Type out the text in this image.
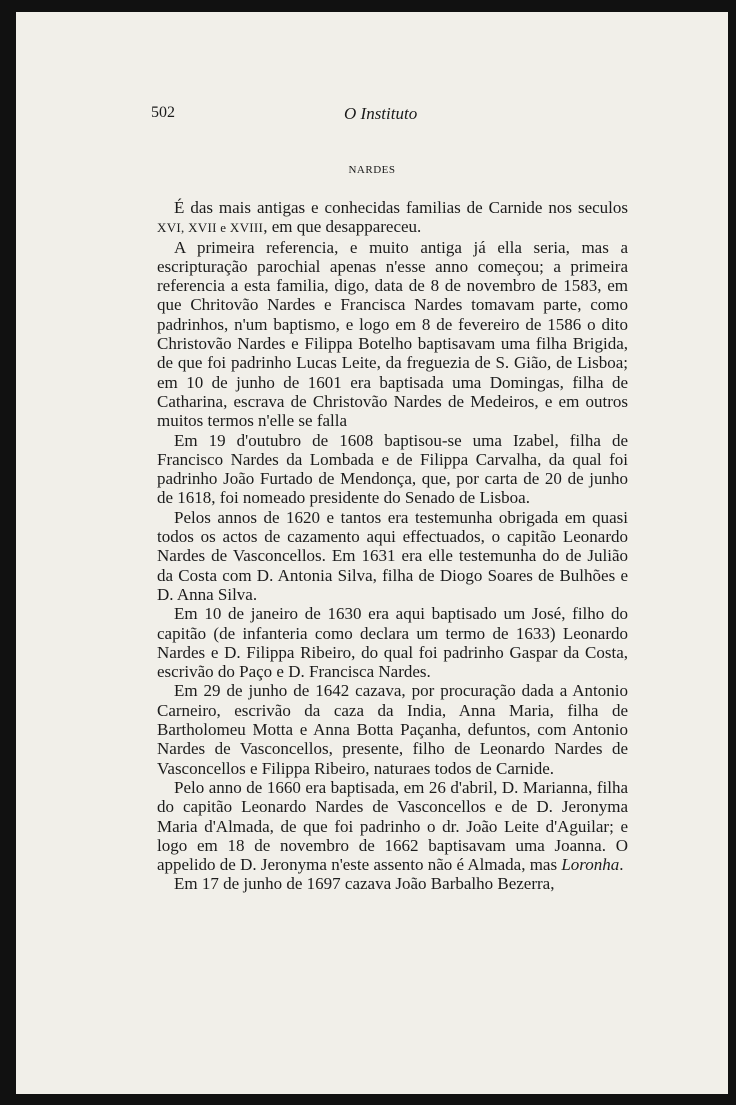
502	O Instituto
NARDES

É das mais antigas e conhecidas familias de Carnide nos seculos XVI, XVII e XVIII, em que desappareceu.

A primeira referencia, e muito antiga já ella seria, mas a escripturação parochial apenas n'esse anno começou; a primeira referencia a esta familia, digo, data de 8 de novembro de 1583, em que Chritovão Nardes e Francisca Nardes tomavam parte, como padrinhos, n'um baptismo, e logo em 8 de fevereiro de 1586 o dito Christovão Nardes e Filippa Botelho baptisavam uma filha Brigida, de que foi padrinho Lucas Leite, da freguezia de S. Gião, de Lisboa; em 10 de junho de 1601 era baptisada uma Domingas, filha de Catharina, escrava de Christovão Nardes de Medeiros, e em outros muitos termos n'elle se falla

Em 19 d'outubro de 1608 baptisou-se uma Izabel, filha de Francisco Nardes da Lombada e de Filippa Carvalha, da qual foi padrinho João Furtado de Mendonça, que, por carta de 20 de junho de 1618, foi nomeado presidente do Senado de Lisboa.

Pelos annos de 1620 e tantos era testemunha obrigada em quasi todos os actos de cazamento aqui effectuados, o capitão Leonardo Nardes de Vasconcellos. Em 1631 era elle testemunha do de Julião da Costa com D. Antonia Silva, filha de Diogo Soares de Bulhões e D. Anna Silva.

Em 10 de janeiro de 1630 era aqui baptisado um José, filho do capitão (de infanteria como declara um termo de 1633) Leonardo Nardes e D. Filippa Ribeiro, do qual foi padrinho Gaspar da Costa, escrivão do Paço e D. Francisca Nardes.

Em 29 de junho de 1642 cazava, por procuração dada a Antonio Carneiro, escrivão da caza da India, Anna Maria, filha de Bartholomeu Motta e Anna Botta Paçanha, defuntos, com Antonio Nardes de Vasconcellos, presente, filho de Leonardo Nardes de Vasconcellos e Filippa Ribeiro, naturaes todos de Carnide.

Pelo anno de 1660 era baptisada, em 26 d'abril, D. Marianna, filha do capitão Leonardo Nardes de Vasconcellos e de D. Jeronyma Maria d'Almada, de que foi padrinho o dr. João Leite d'Aguilar; e logo em 18 de novembro de 1662 baptisavam uma Joanna. O appelido de D. Jeronyma n'este assento não é Almada, mas Loronha.

Em 17 de junho de 1697 cazava João Barbalho Bezerra,
